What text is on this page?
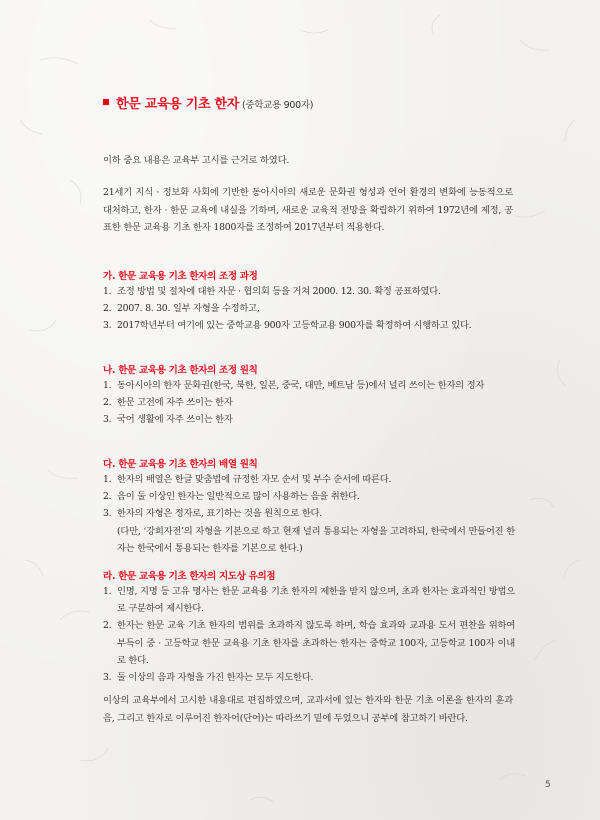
한문 교육용 기초 한자 (중학교용 900자)

이하 중요 내용은 교육부 고시를 근거로 하였다.

21세기 지식 · 정보화 사회에 기반한 동아시아의 새로운 문화권 형성과 언어 환경의 변화에 능동적으로 대처하고, 한자 · 한문 교육에 내실을 기하며, 새로운 교육적 전망을 확립하기 위하여 1972년에 제정, 공표한 한문 교육용 기초 한자 1800자를 조정하여 2017년부터 적용한다.

가. 한문 교육용 기초 한자의 조정 과정
1. 조정 방법 및 절차에 대한 자문 · 협의회 등을 거쳐 2000. 12. 30. 확정 공표하였다.
2. 2007. 8. 30. 일부 자형을 수정하고,
3. 2017학년부터 여기에 있는 중학교용 900자 고등학교용 900자를 확정하여 시행하고 있다.
나. 한문 교육용 기초 한자의 조정 원칙
1. 동아시아의 한자 문화권(한국, 북한, 일본, 중국, 대만, 베트남 등)에서 널리 쓰이는 한자의 정자
2. 한문 고전에 자주 쓰이는 한자
3. 국어 생활에 자주 쓰이는 한자
다. 한문 교육용 기초 한자의 배열 원칙
1. 한자의 배열은 한글 맞춤법에 규정한 자모 순서 및 부수 순서에 따른다.
2. 음이 둘 이상인 한자는 일반적으로 많이 사용하는 음을 취한다.
3. 한자의 자형은 정자로, 표기하는 것을 원칙으로 한다.
(다만, ‘강희자전’의 자형을 기본으로 하고 현재 널리 통용되는 자형을 고려하되, 한국에서 만들어진 한자는 한국에서 통용되는 한자를 기본으로 한다.)
라. 한문 교육용 기초 한자의 지도상 유의점
1. 인명, 지명 등 고유 명사는 한문 교육용 기초 한자의 제한을 받지 않으며, 초과 한자는 효과적인 방법으로 구분하여 제시한다.
2. 한자는 한문 교육 기초 한자의 범위를 초과하지 않도록 하며, 학습 효과와 교과용 도서 편찬을 위하여 부득이 중 · 고등학교 한문 교육용 기초 한자를 초과하는 한자는 중학교 100자, 고등학교 100자 이내로 한다.
3. 둘 이상의 음과 자형을 가진 한자는 모두 지도한다.

이상의 교육부에서 고시한 내용대로 편집하였으며, 교과서에 있는 한자와 한문 기초 이론을 한자의 훈과 음, 그리고 한자로 이루어진 한자어(단어)는 따라쓰기 밑에 두었으니 공부에 참고하기 바란다.

5
